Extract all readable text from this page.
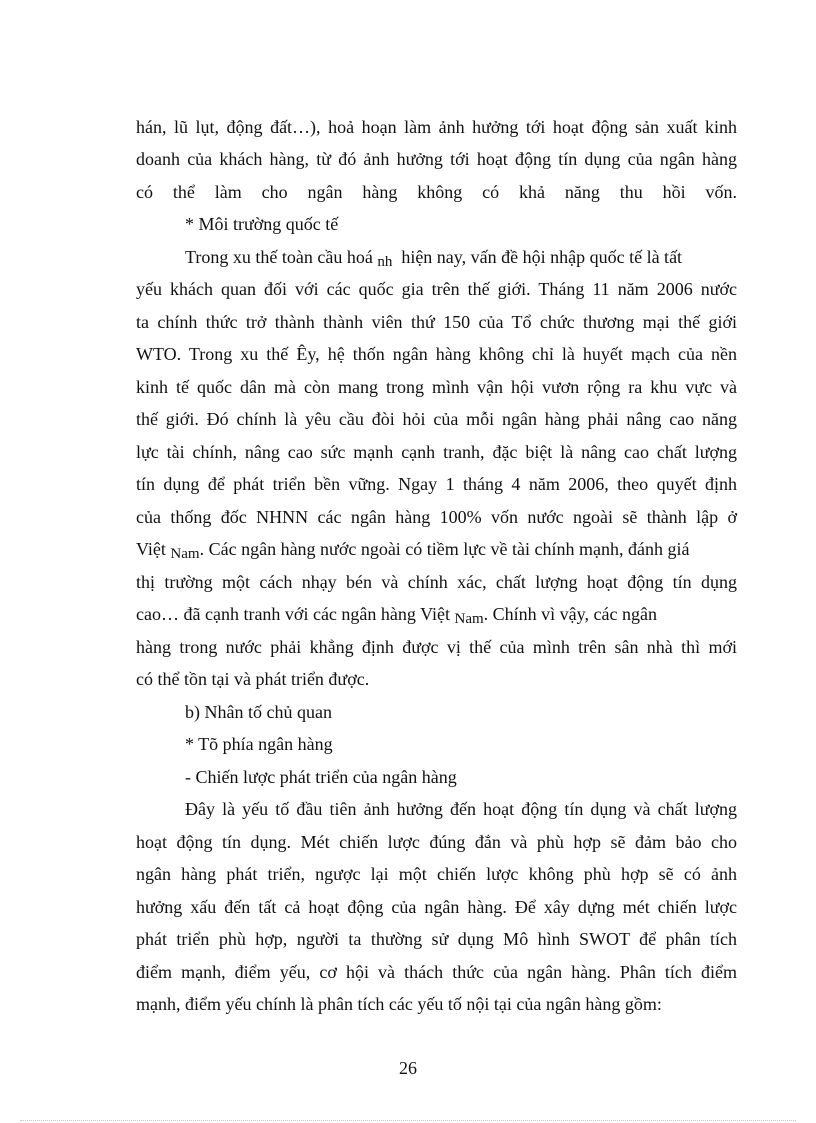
hán, lũ lụt, động đất…), hoả hoạn làm ảnh hưởng tới hoạt động sản xuất kinh
doanh của khách hàng, từ đó ảnh hưởng tới hoạt động tín dụng của ngân hàng
có thể làm cho ngân hàng không có khả năng thu hồi vốn.
* Môi trường quốc tế
Trong xu thế toàn cầu hoá nh hiện nay, vấn đề hội nhập quốc tế là tất
yếu khách quan đối với các quốc gia trên thế giới. Tháng 11 năm 2006 nước
ta chính thức trở thành thành viên thứ 150 của Tổ chức thương mại thế giới
WTO. Trong xu thế Êy, hệ thốn ngân hàng không chỉ là huyết mạch của nền
kinh tế quốc dân mà còn mang trong mình vận hội vươn rộng ra khu vực và
thế giới. Đó chính là yêu cầu đòi hỏi của mỗi ngân hàng phải nâng cao năng
lực tài chính, nâng cao sức mạnh cạnh tranh, đặc biệt là nâng cao chất lượng
tín dụng để phát triển bền vững. Ngay 1 tháng 4 năm 2006, theo quyết định
của thống đốc NHNN các ngân hàng 100% vốn nước ngoài sẽ thành lập ở
Việt Nam. Các ngân hàng nước ngoài có tiềm lực về tài chính mạnh, đánh giá
thị trường một cách nhạy bén và chính xác, chất lượng hoạt động tín dụng
cao… đã cạnh tranh với các ngân hàng Việt Nam. Chính vì vậy, các ngân
hàng trong nước phải khẳng định được vị thế của mình trên sân nhà thì mới
có thể tồn tại và phát triển được.
b) Nhân tố chủ quan
* Tõ phía ngân hàng
- Chiến lược phát triển của ngân hàng
Đây là yếu tố đầu tiên ảnh hưởng đến hoạt động tín dụng và chất lượng
hoạt động tín dụng. Mét chiến lược đúng đắn và phù hợp sẽ đảm bảo cho
ngân hàng phát triển, ngược lại một chiến lược không phù hợp sẽ có ảnh
hưởng xấu đến tất cả hoạt động của ngân hàng. Để xây dựng mét chiến lược
phát triển phù hợp, người ta thường sử dụng Mô hình SWOT để phân tích
điểm mạnh, điểm yếu, cơ hội và thách thức của ngân hàng. Phân tích điểm
mạnh, điểm yếu chính là phân tích các yếu tố nội tại của ngân hàng gồm:
26
